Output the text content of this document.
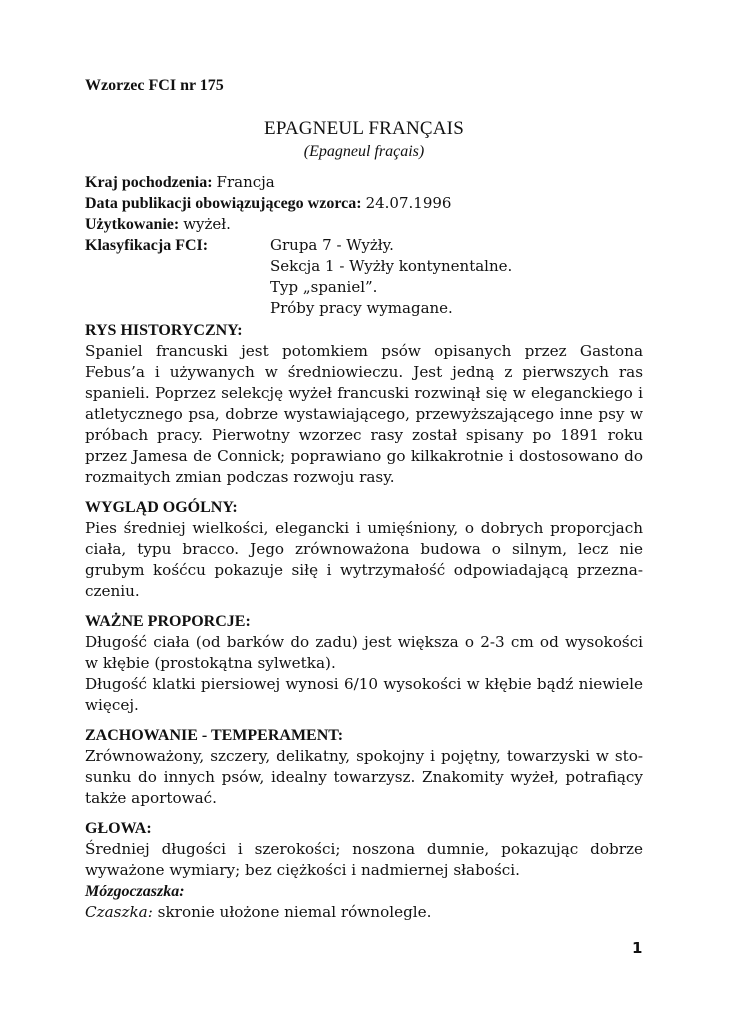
Wzorzec FCI nr 175
EPAGNEUL FRANÇAIS
(Epagneul fraçais)
Kraj pochodzenia: Francja
Data publikacji obowiązującego wzorca: 24.07.1996
Użytkowanie: wyżeł.
Klasyfikacja FCI:	Grupa 7 - Wyżły.
Sekcja 1 - Wyżły kontynentalne.
Typ „spaniel”.
Próby pracy wymagane.
RYS HISTORYCZNY:

Spaniel francuski jest potomkiem psów opisanych przez Gastona Febus’a i używanych w średniowieczu. Jest jedną z pierwszych ras spanieli. Poprzez selekcję wyżeł francuski rozwinął się w eleganckiego i atletycznego psa, dobrze wystawiającego, przewyższającego inne psy w próbach pracy. Pierwotny wzorzec rasy został spisany po 1891 roku przez Jamesa de Connick; poprawiano go kilkakrotnie i dostosowano do rozmaitych zmian podczas rozwoju rasy.

WYGLĄD OGÓLNY:

Pies średniej wielkości, elegancki i umięśniony, o dobrych proporcjach ciała, typu bracco. Jego zrównoważona budowa o silnym, lecz nie grubym kośćcu pokazuje siłę i wytrzymałość odpowiadającą przeznaczeniu.

WAŻNE PROPORCJE:

Długość ciała (od barków do zadu) jest większa o 2-3 cm od wysokości w kłębie (prostokątna sylwetka).

Długość klatki piersiowej wynosi 6/10 wysokości w kłębie bądź niewiele więcej.

ZACHOWANIE - TEMPERAMENT:

Zrównoważony, szczery, delikatny, spokojny i pojętny, towarzyski w stosunku do innych psów, idealny towarzysz. Znakomity wyżeł, potrafiący także aportować.

GŁOWA:

Średniej długości i szerokości; noszona dumnie, pokazując dobrze wyważone wymiary; bez ciężkości i nadmiernej słabości.

Mózgoczaszka:

Czaszka: skronie ułożone niemal równolegle.

1
